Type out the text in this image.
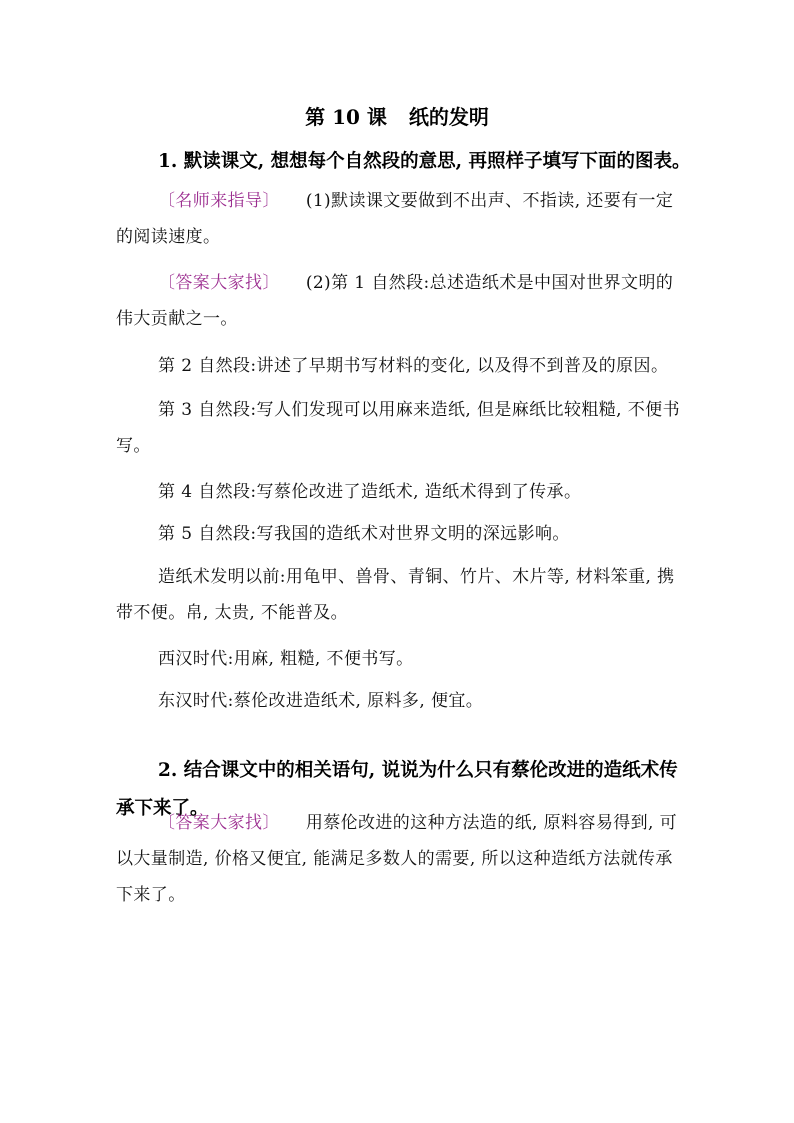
第 10 课 纸的发明
1. 默读课文, 想想每个自然段的意思, 再照样子填写下面的图表。
〔名师来指导〕 (1)默读课文要做到不出声、不指读, 还要有一定的阅读速度。
〔答案大家找〕 (2)第 1 自然段:总述造纸术是中国对世界文明的伟大贡献之一。
第 2 自然段:讲述了早期书写材料的变化, 以及得不到普及的原因。
第 3 自然段:写人们发现可以用麻来造纸, 但是麻纸比较粗糙, 不便书写。
第 4 自然段:写蔡伦改进了造纸术, 造纸术得到了传承。
第 5 自然段:写我国的造纸术对世界文明的深远影响。
造纸术发明以前:用龟甲、兽骨、青铜、竹片、木片等, 材料笨重, 携带不便。帛, 太贵, 不能普及。
西汉时代:用麻, 粗糙, 不便书写。
东汉时代:蔡伦改进造纸术, 原料多, 便宜。
2. 结合课文中的相关语句, 说说为什么只有蔡伦改进的造纸术传承下来了。
〔答案大家找〕 用蔡伦改进的这种方法造的纸, 原料容易得到, 可以大量制造, 价格又便宜, 能满足多数人的需要, 所以这种造纸方法就传承下来了。
